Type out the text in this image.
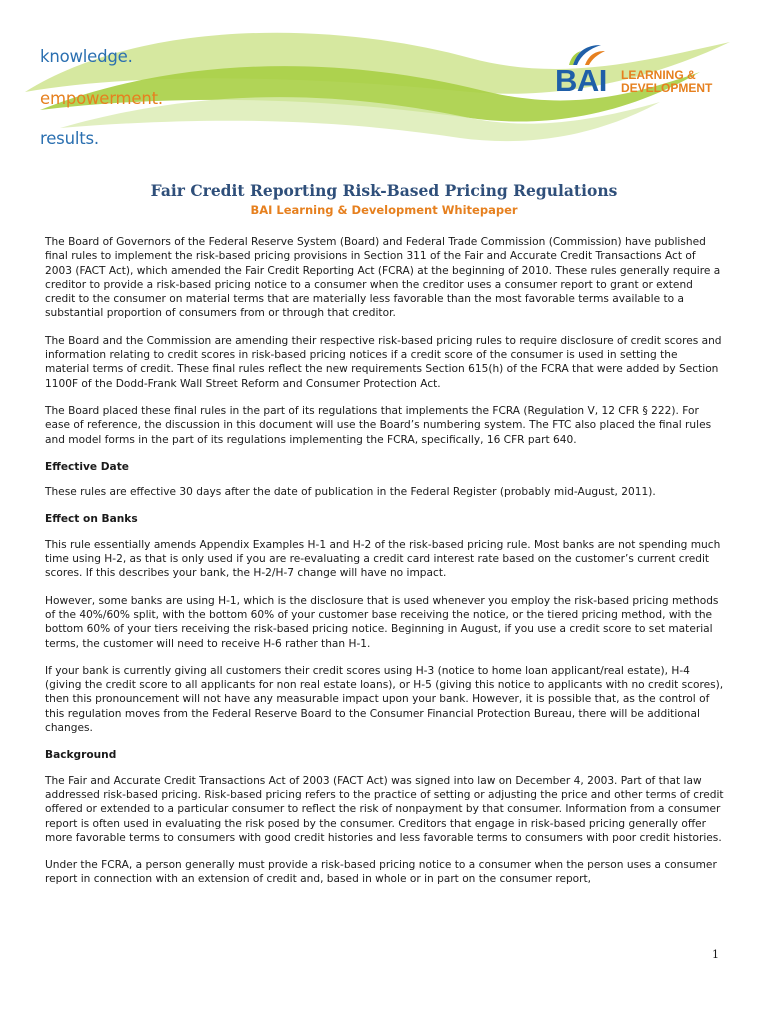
knowledge.
empowerment.
results.
BAI LEARNING &
DEVELOPMENT
Fair Credit Reporting Risk-Based Pricing Regulations
BAI Learning & Development Whitepaper

The Board of Governors of the Federal Reserve System (Board) and Federal Trade Commission (Commission) have published final rules to implement the risk-based pricing provisions in Section 311 of the Fair and Accurate Credit Transactions Act of 2003 (FACT Act), which amended the Fair Credit Reporting Act (FCRA) at the beginning of 2010. These rules generally require a creditor to provide a risk-based pricing notice to a consumer when the creditor uses a consumer report to grant or extend credit to the consumer on material terms that are materially less favorable than the most favorable terms available to a substantial proportion of consumers from or through that creditor.

The Board and the Commission are amending their respective risk-based pricing rules to require disclosure of credit scores and information relating to credit scores in risk-based pricing notices if a credit score of the consumer is used in setting the material terms of credit. These final rules reflect the new requirements Section 615(h) of the FCRA that were added by Section 1100F of the Dodd-Frank Wall Street Reform and Consumer Protection Act.

The Board placed these final rules in the part of its regulations that implements the FCRA (Regulation V, 12 CFR § 222). For ease of reference, the discussion in this document will use the Board’s numbering system. The FTC also placed the final rules and model forms in the part of its regulations implementing the FCRA, specifically, 16 CFR part 640.

Effective Date

These rules are effective 30 days after the date of publication in the Federal Register (probably mid-August, 2011).

Effect on Banks

This rule essentially amends Appendix Examples H-1 and H-2 of the risk-based pricing rule. Most banks are not spending much time using H-2, as that is only used if you are re-evaluating a credit card interest rate based on the customer’s current credit scores. If this describes your bank, the H-2/H-7 change will have no impact.

However, some banks are using H-1, which is the disclosure that is used whenever you employ the risk-based pricing methods of the 40%/60% split, with the bottom 60% of your customer base receiving the notice, or the tiered pricing method, with the bottom 60% of your tiers receiving the risk-based pricing notice. Beginning in August, if you use a credit score to set material terms, the customer will need to receive H-6 rather than H-1.

If your bank is currently giving all customers their credit scores using H-3 (notice to home loan applicant/real estate), H-4 (giving the credit score to all applicants for non real estate loans), or H-5 (giving this notice to applicants with no credit scores), then this pronouncement will not have any measurable impact upon your bank. However, it is possible that, as the control of this regulation moves from the Federal Reserve Board to the Consumer Financial Protection Bureau, there will be additional changes.

Background

The Fair and Accurate Credit Transactions Act of 2003 (FACT Act) was signed into law on December 4, 2003. Part of that law addressed risk-based pricing. Risk-based pricing refers to the practice of setting or adjusting the price and other terms of credit offered or extended to a particular consumer to reflect the risk of nonpayment by that consumer. Information from a consumer report is often used in evaluating the risk posed by the consumer. Creditors that engage in risk-based pricing generally offer more favorable terms to consumers with good credit histories and less favorable terms to consumers with poor credit histories.

Under the FCRA, a person generally must provide a risk-based pricing notice to a consumer when the person uses a consumer report in connection with an extension of credit and, based in whole or in part on the consumer report,

1
